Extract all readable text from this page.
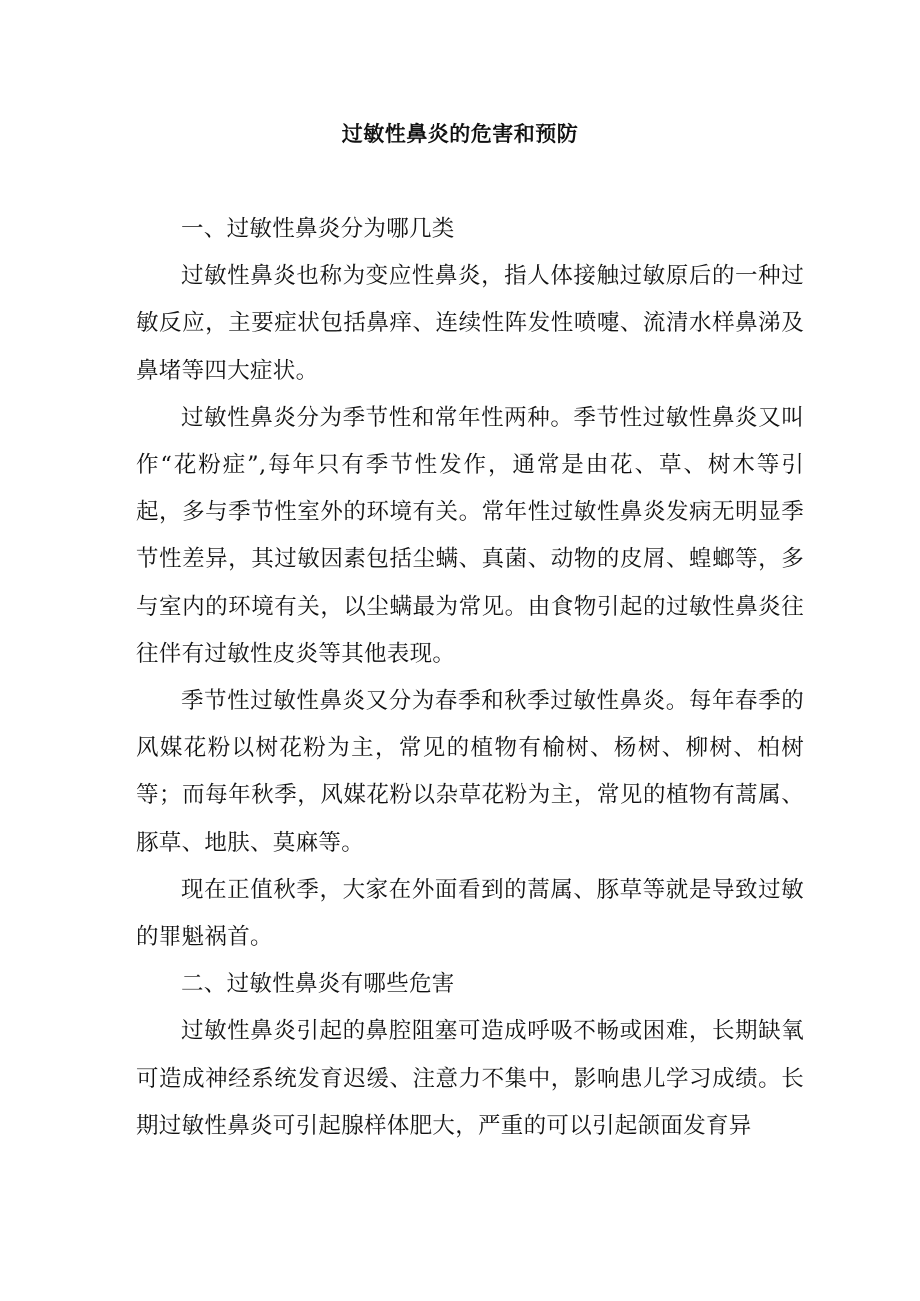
过敏性鼻炎的危害和预防

一、过敏性鼻炎分为哪几类

过敏性鼻炎也称为变应性鼻炎，指人体接触过敏原后的一种过敏反应，主要症状包括鼻痒、连续性阵发性喷嚏、流清水样鼻涕及鼻堵等四大症状。

过敏性鼻炎分为季节性和常年性两种。季节性过敏性鼻炎又叫作“花粉症”,每年只有季节性发作，通常是由花、草、树木等引起，多与季节性室外的环境有关。常年性过敏性鼻炎发病无明显季节性差异，其过敏因素包括尘螨、真菌、动物的皮屑、蝗螂等，多与室内的环境有关，以尘螨最为常见。由食物引起的过敏性鼻炎往往伴有过敏性皮炎等其他表现。

季节性过敏性鼻炎又分为春季和秋季过敏性鼻炎。每年春季的风媒花粉以树花粉为主，常见的植物有榆树、杨树、柳树、柏树等；而每年秋季，风媒花粉以杂草花粉为主，常见的植物有蒿属、豚草、地肤、莫麻等。

现在正值秋季，大家在外面看到的蒿属、豚草等就是导致过敏的罪魁祸首。

二、过敏性鼻炎有哪些危害

过敏性鼻炎引起的鼻腔阻塞可造成呼吸不畅或困难，长期缺氧可造成神经系统发育迟缓、注意力不集中，影响患儿学习成绩。长期过敏性鼻炎可引起腺样体肥大，严重的可以引起颌面发育异
